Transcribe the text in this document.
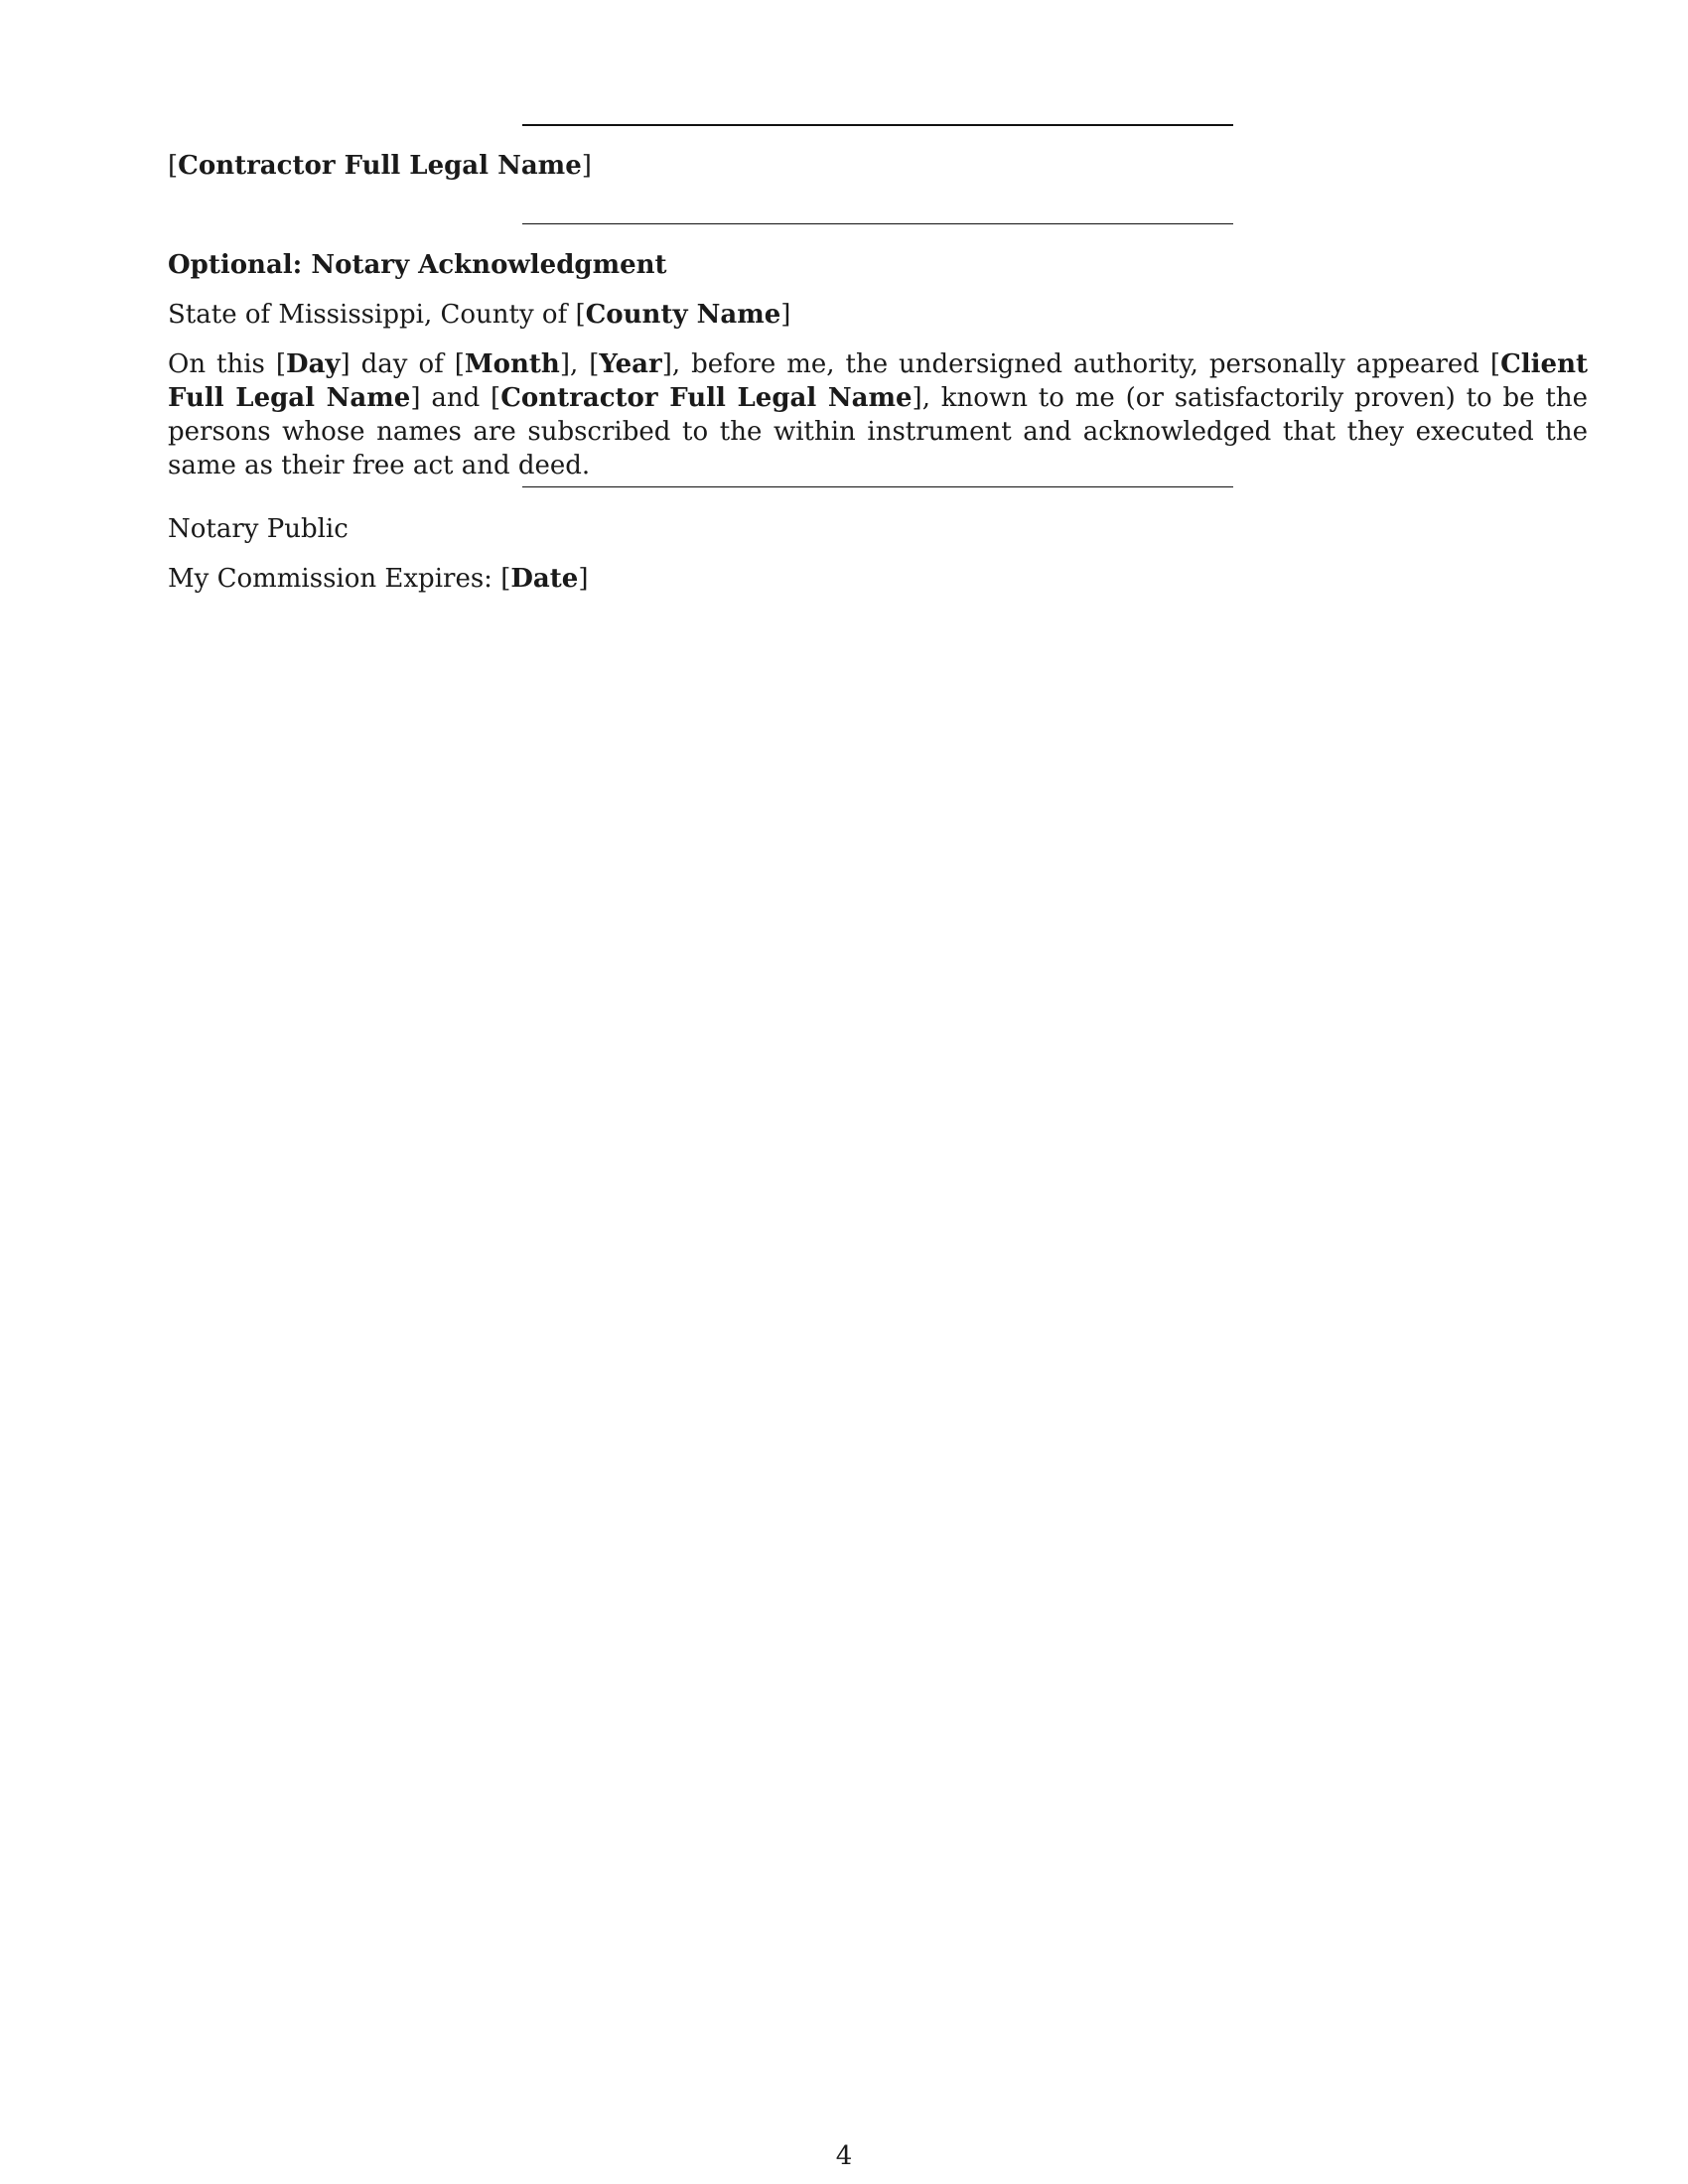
[Contractor Full Legal Name]
Optional: Notary Acknowledgment
State of Mississippi, County of [County Name]
On this [Day] day of [Month], [Year], before me, the undersigned authority, personally appeared [Client Full Legal Name] and [Contractor Full Legal Name], known to me (or satisfactorily proven) to be the persons whose names are subscribed to the within instrument and acknowledged that they executed the same as their free act and deed.
Notary Public
My Commission Expires: [Date]
4
